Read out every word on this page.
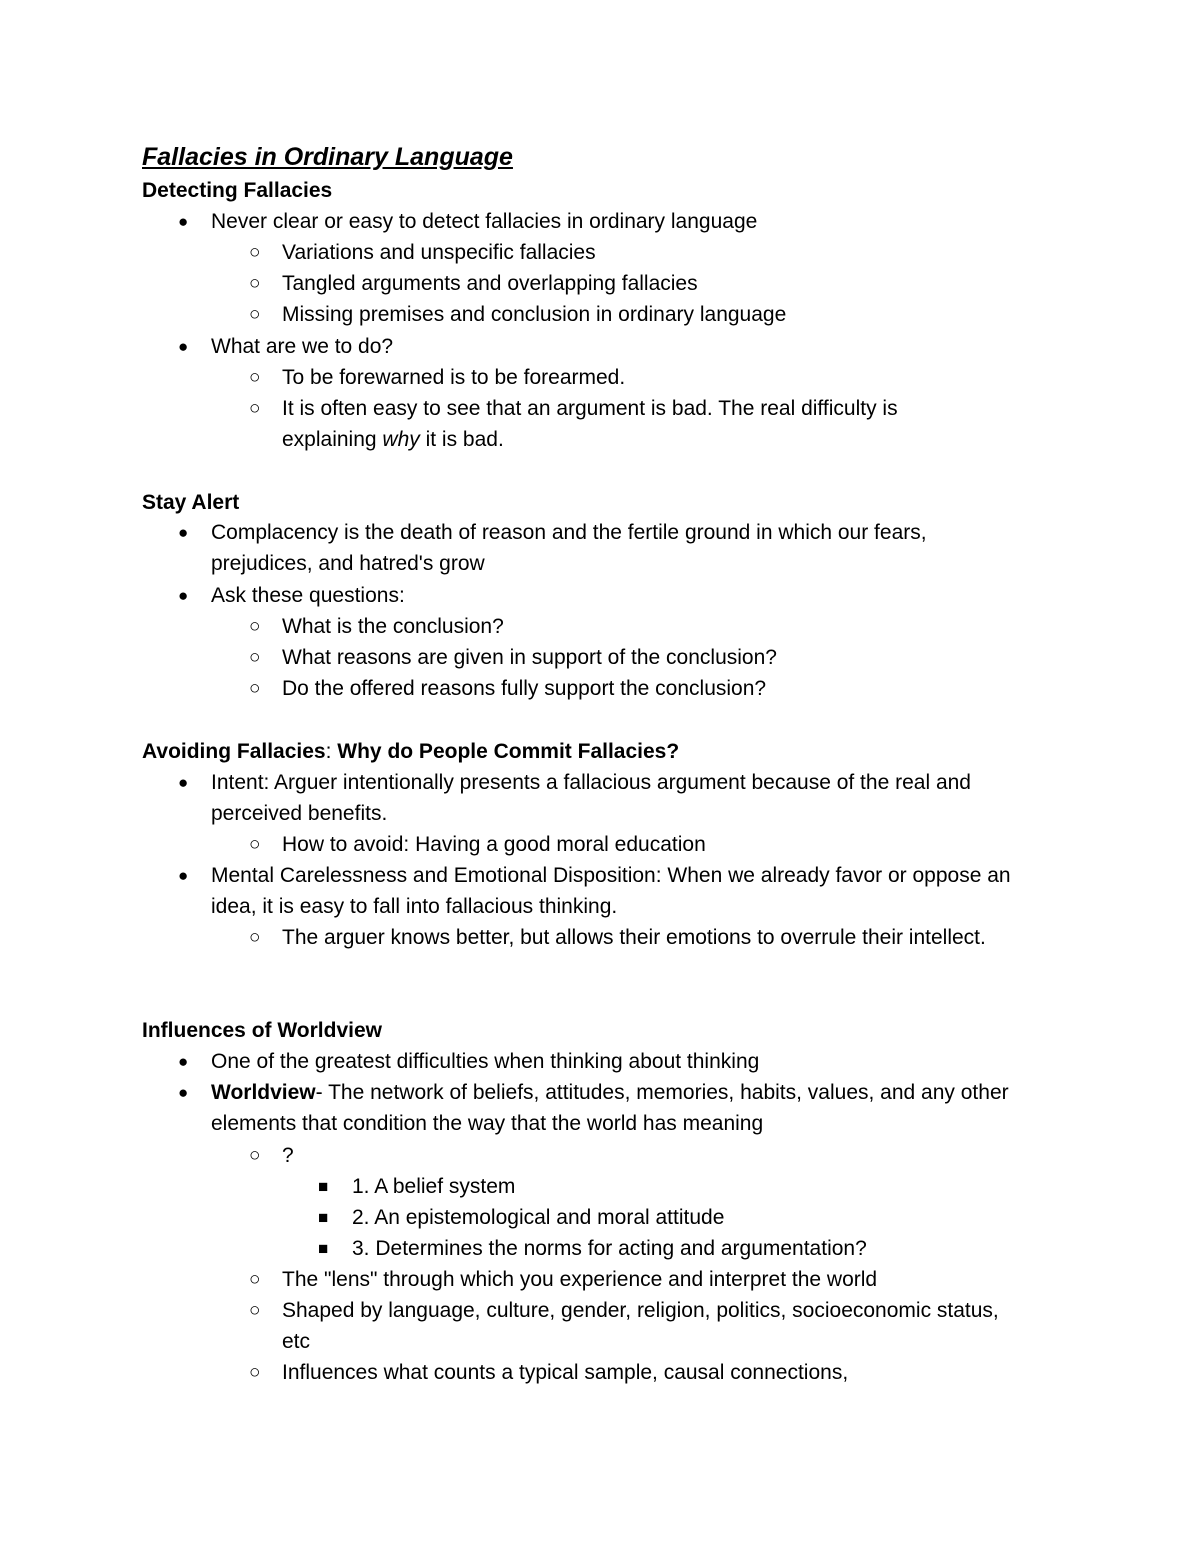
Fallacies in Ordinary Language
Detecting Fallacies
● Never clear or easy to detect fallacies in ordinary language
○ Variations and unspecific fallacies
○ Tangled arguments and overlapping fallacies
○ Missing premises and conclusion in ordinary language
● What are we to do?
○ To be forewarned is to be forearmed.
○ It is often easy to see that an argument is bad. The real difficulty is explaining why it is bad.
Stay Alert
● Complacency is the death of reason and the fertile ground in which our fears, prejudices, and hatred's grow
● Ask these questions:
○ What is the conclusion?
○ What reasons are given in support of the conclusion?
○ Do the offered reasons fully support the conclusion?
Avoiding Fallacies: Why do People Commit Fallacies?
● Intent: Arguer intentionally presents a fallacious argument because of the real and perceived benefits.
○ How to avoid: Having a good moral education
● Mental Carelessness and Emotional Disposition: When we already favor or oppose an idea, it is easy to fall into fallacious thinking.
○ The arguer knows better, but allows their emotions to overrule their intellect.
Influences of Worldview
● One of the greatest difficulties when thinking about thinking
● Worldview- The network of beliefs, attitudes, memories, habits, values, and any other elements that condition the way that the world has meaning
○ ?
■ 1. A belief system
■ 2. An epistemological and moral attitude
■ 3. Determines the norms for acting and argumentation?
○ The "lens" through which you experience and interpret the world
○ Shaped by language, culture, gender, religion, politics, socioeconomic status, etc
○ Influences what counts a typical sample, causal connections,
